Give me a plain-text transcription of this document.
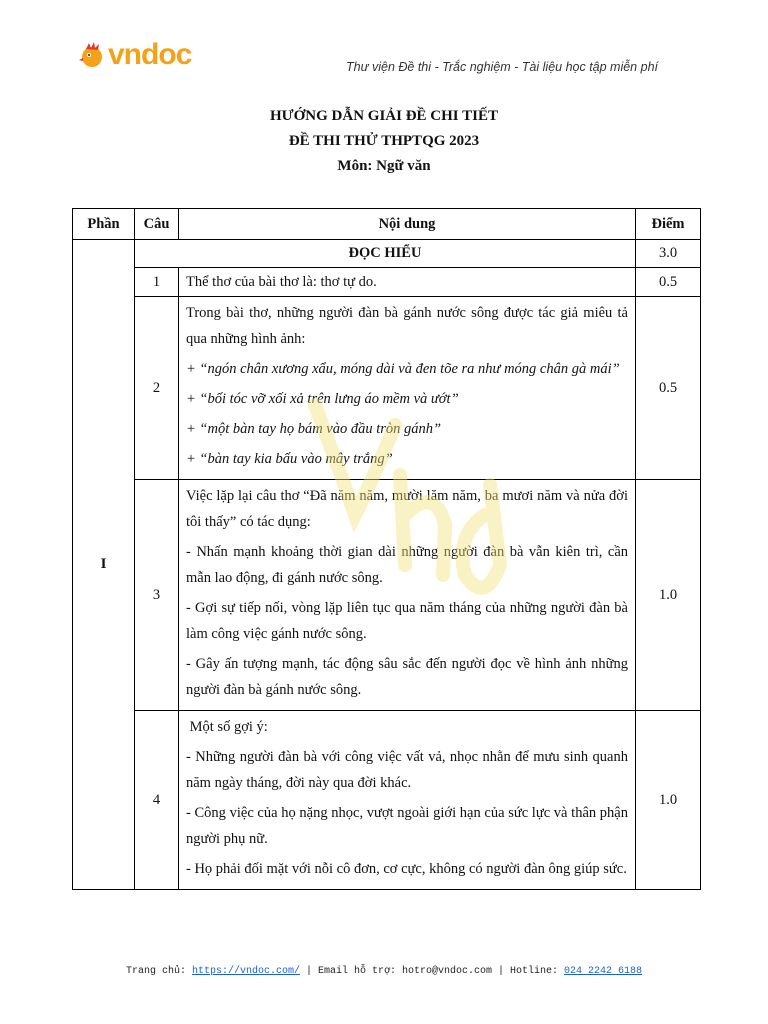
vndoc	Thư viện Đề thi - Trắc nghiệm - Tài liệu học tập miễn phí
HƯỚNG DẪN GIẢI ĐỀ CHI TIẾT
ĐỀ THI THỬ THPTQG 2023
Môn: Ngữ văn
Phần	Câu	Nội dung	Điểm
I	ĐỌC HIỂU		3.0
	1	Thể thơ của bài thơ là: thơ tự do.	0.5
	2	Trong bài thơ, những người đàn bà gánh nước sông được tác giả miêu tả qua những hình ảnh:

+ “ngón chân xương xẩu, móng dài và đen tõe ra như móng chân gà mái”

+ “bối tóc vỡ xối xả trên lưng áo mềm và ướt”

+ “một bàn tay họ bám vào đầu tròn gánh”

+ “bàn tay kia bấu vào mây trắng”	0.5
	3	Việc lặp lại câu thơ “Đã năm năm, mười lăm năm, ba mươi năm và nửa đời tôi thấy” có tác dụng:

- Nhấn mạnh khoảng thời gian dài những người đàn bà vẫn kiên trì, cần mẫn lao động, đi gánh nước sông.

- Gợi sự tiếp nối, vòng lặp liên tục qua năm tháng của những người đàn bà làm công việc gánh nước sông.

- Gây ấn tượng mạnh, tác động sâu sắc đến người đọc về hình ảnh những người đàn bà gánh nước sông.	1.0
	4	Một số gợi ý:

- Những người đàn bà với công việc vất vả, nhọc nhằn để mưu sinh quanh năm ngày tháng, đời này qua đời khác.

- Công việc của họ nặng nhọc, vượt ngoài giới hạn của sức lực và thân phận người phụ nữ.

- Họ phải đối mặt với nỗi cô đơn, cơ cực, không có người đàn ông giúp sức.	1.0
Trang chủ: https://vndoc.com/ | Email hỗ trợ: hotro@vndoc.com | Hotline: 024 2242 6188
